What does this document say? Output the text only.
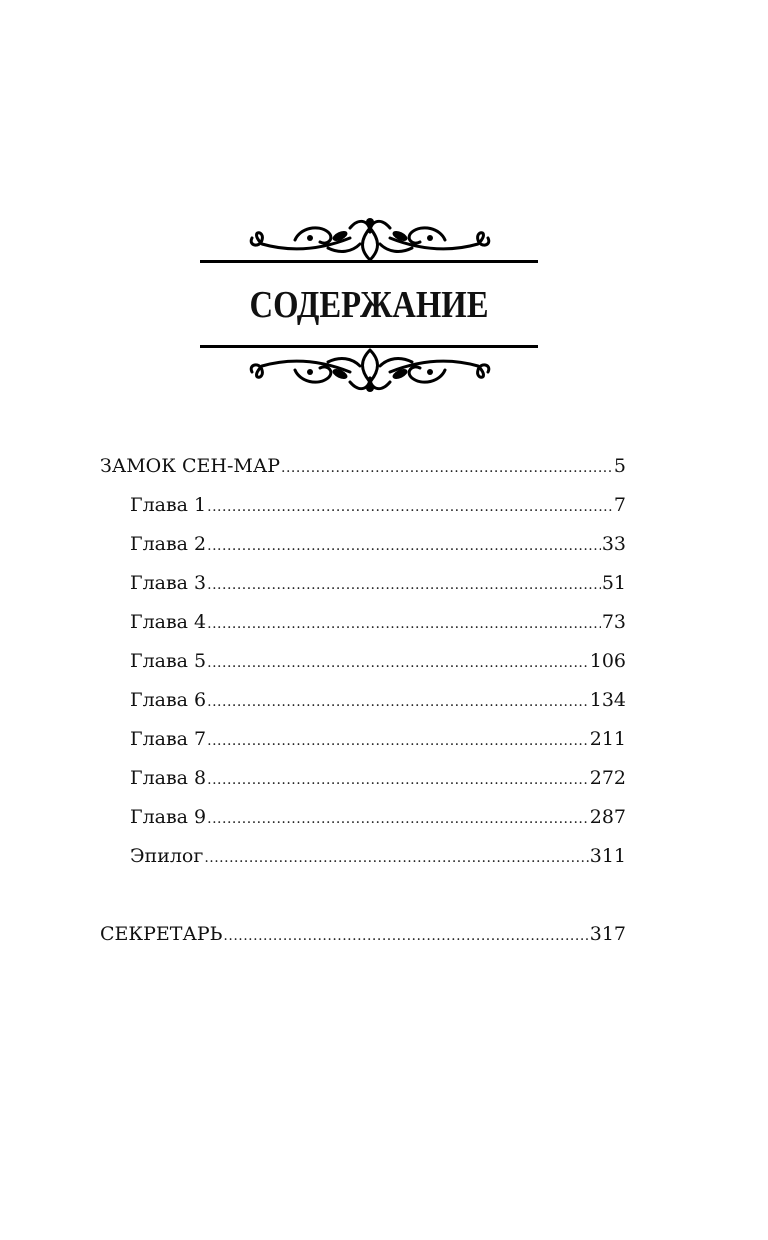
СОДЕРЖАНИЕ
ЗАМОК СЕН-МАР .....	5
Глава 1 .....	7
Глава 2 .....	33
Глава 3 .....	51
Глава 4 .....	73
Глава 5 .....	106
Глава 6 .....	134
Глава 7 .....	211
Глава 8 .....	272
Глава 9 .....	287
Эпилог .....	311
СЕКРЕТАРЬ .....	317
